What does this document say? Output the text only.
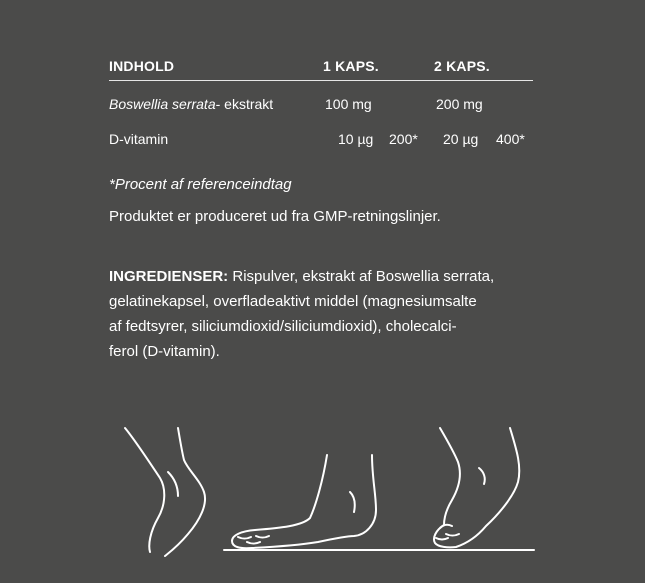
INDHOLD	1 KAPS.	2 KAPS.
Boswellia serrata- ekstrakt	100 mg	200 mg
D-vitamin	10 µg 200* 20 µg 400*
*Procent af referenceindtag
Produktet er produceret ud fra GMP-retningslinjer.
INGREDIENSER: Rispulver, ekstrakt af Boswellia serrata,
gelatinekapsel, overfladeaktivt middel (magnesiumsalte
af fedtsyrer, siliciumdioxid/siliciumdioxid), cholecalci-
ferol (D-vitamin).
